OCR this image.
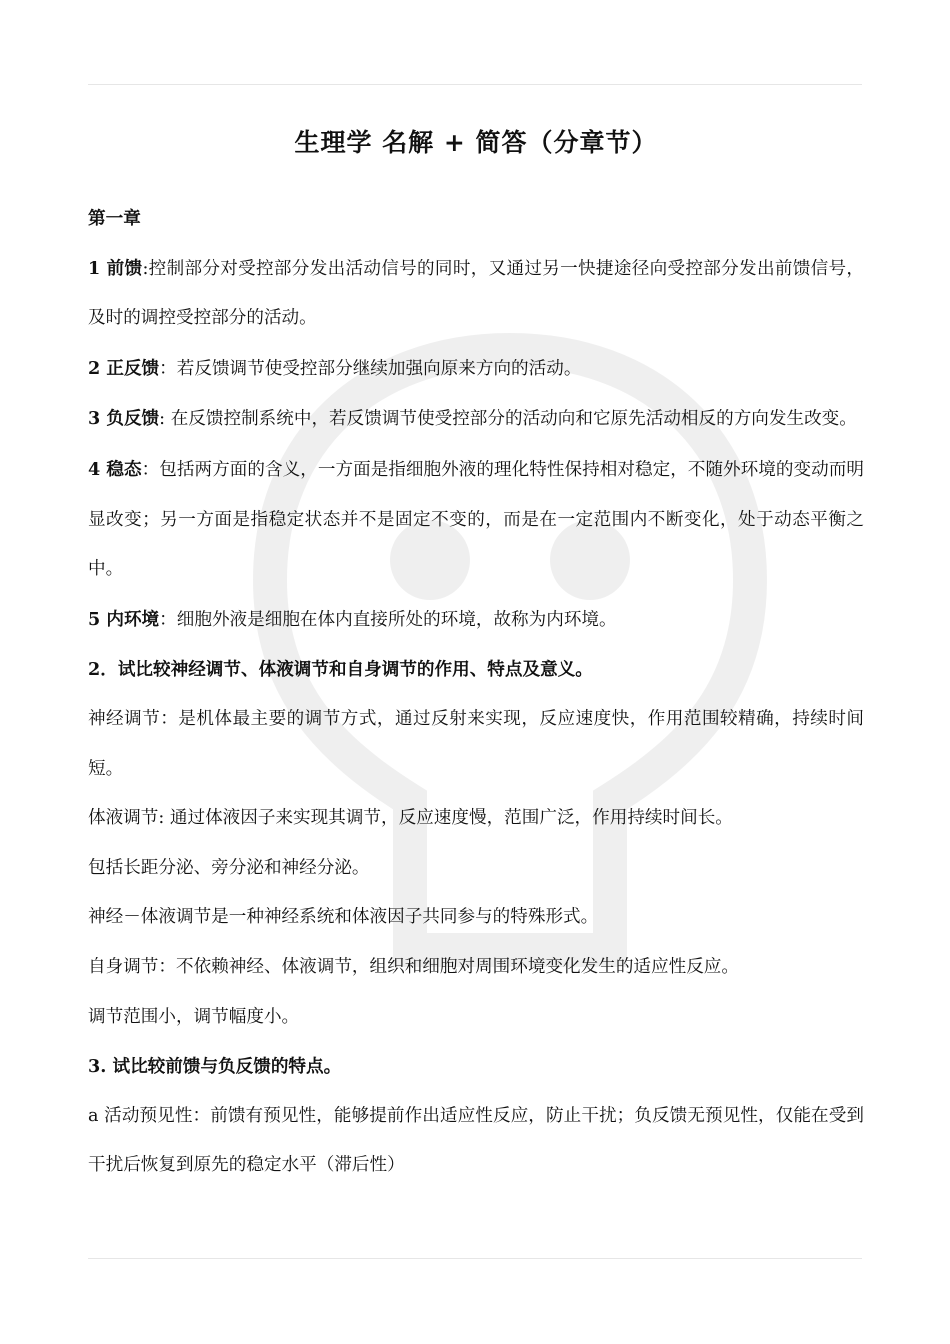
生理学 名解 + 简答（分章节）

第一章

1 前馈:控制部分对受控部分发出活动信号的同时，又通过另一快捷途径向受控部分发出前馈信号，及时的调控受控部分的活动。

2 正反馈：若反馈调节使受控部分继续加强向原来方向的活动。

3 负反馈: 在反馈控制系统中，若反馈调节使受控部分的活动向和它原先活动相反的方向发生改变。

4 稳态：包括两方面的含义，一方面是指细胞外液的理化特性保持相对稳定，不随外环境的变动而明显改变；另一方面是指稳定状态并不是固定不变的，而是在一定范围内不断变化，处于动态平衡之中。

5 内环境：细胞外液是细胞在体内直接所处的环境，故称为内环境。

2．试比较神经调节、体液调节和自身调节的作用、特点及意义。

神经调节：是机体最主要的调节方式，通过反射来实现，反应速度快，作用范围较精确，持续时间短。

体液调节: 通过体液因子来实现其调节，反应速度慢，范围广泛，作用持续时间长。

包括长距分泌、旁分泌和神经分泌。

神经－体液调节是一种神经系统和体液因子共同参与的特殊形式。

自身调节：不依赖神经、体液调节，组织和细胞对周围环境变化发生的适应性反应。

调节范围小，调节幅度小。

3. 试比较前馈与负反馈的特点。

a 活动预见性：前馈有预见性，能够提前作出适应性反应，防止干扰；负反馈无预见性，仅能在受到干扰后恢复到原先的稳定水平（滞后性）
